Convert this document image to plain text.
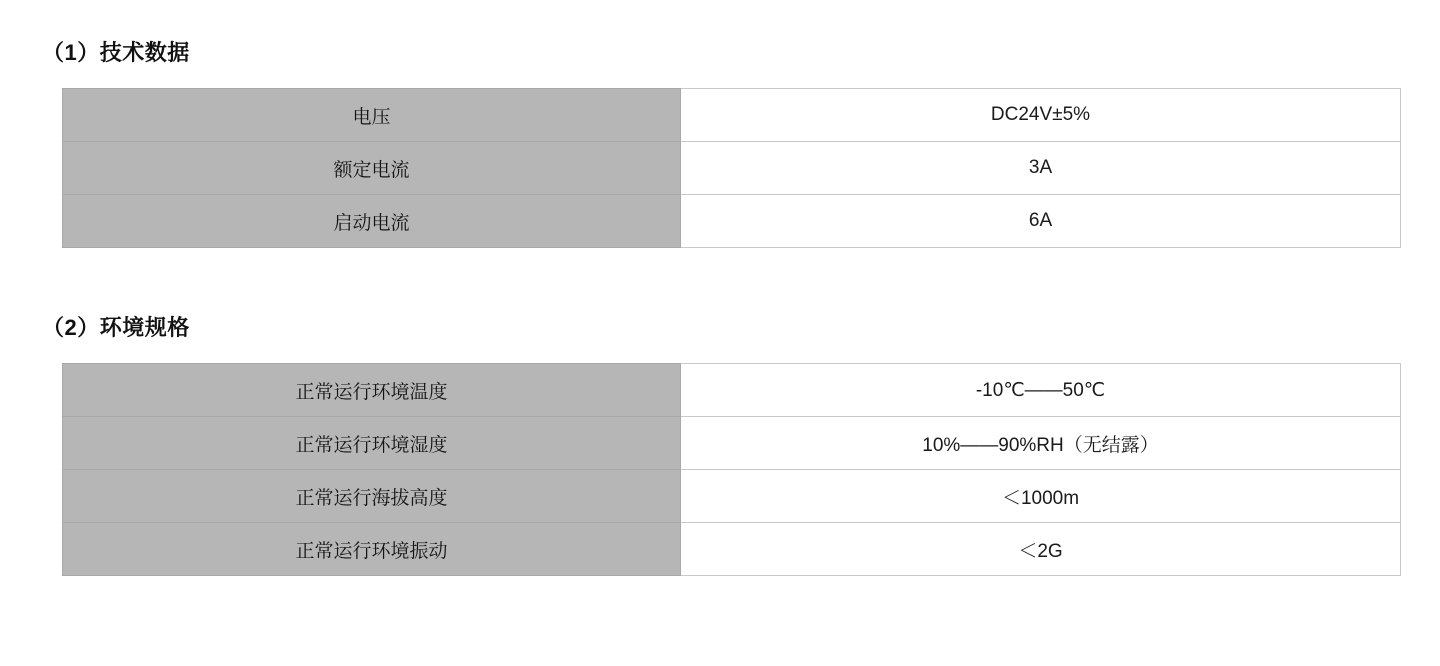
（1）技术数据
电压	DC24V±5%
额定电流	3A
启动电流	6A
（2）环境规格
正常运行环境温度	-10℃——50℃
正常运行环境湿度	10%——90%RH（无结露）
正常运行海拔高度	＜1000m
正常运行环境振动	＜2G
